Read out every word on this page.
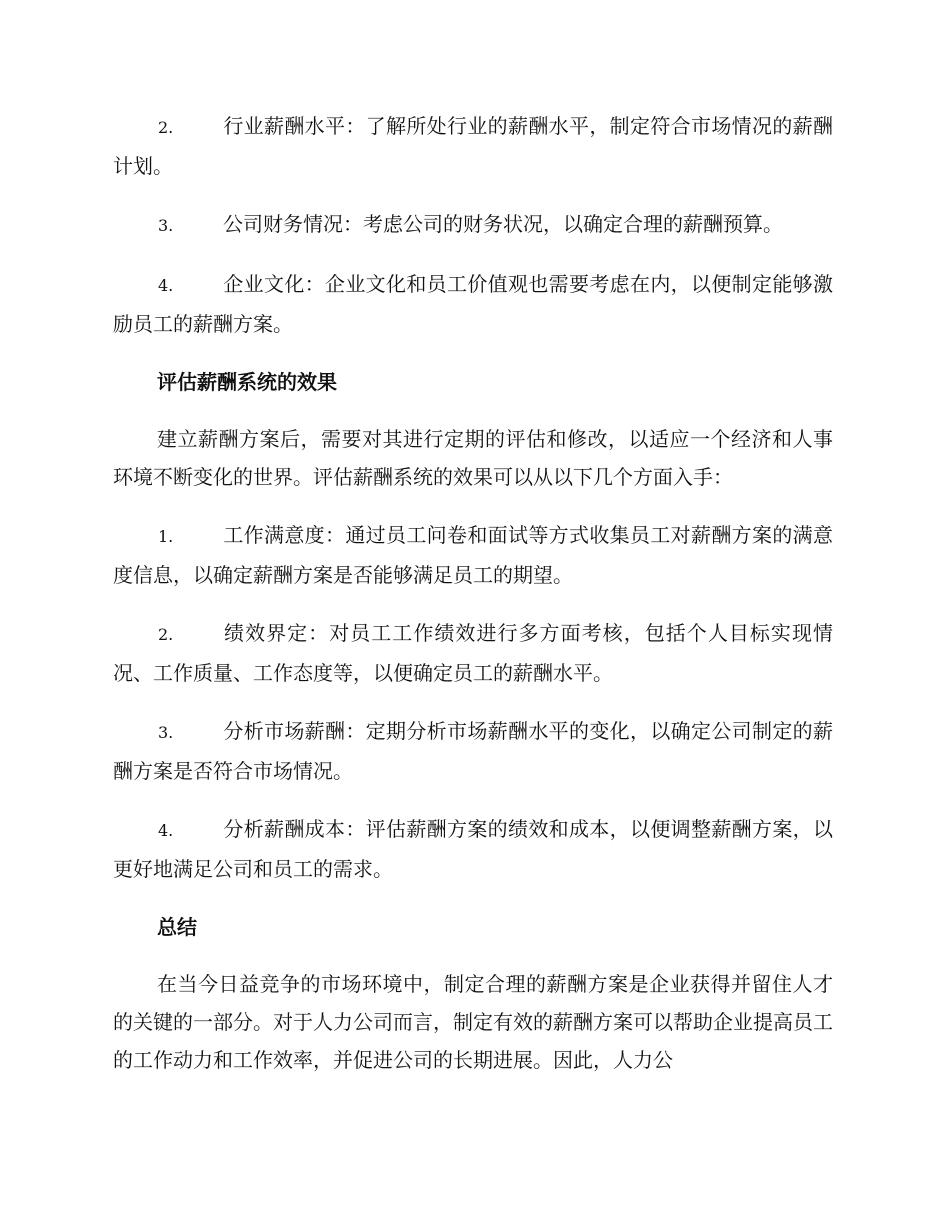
2. 行业薪酬水平：了解所处行业的薪酬水平，制定符合市场情况的薪酬计划。

3. 公司财务情况：考虑公司的财务状况，以确定合理的薪酬预算。

4. 企业文化：企业文化和员工价值观也需要考虑在内，以便制定能够激励员工的薪酬方案。

评估薪酬系统的效果

建立薪酬方案后，需要对其进行定期的评估和修改，以适应一个经济和人事环境不断变化的世界。评估薪酬系统的效果可以从以下几个方面入手：

1. 工作满意度：通过员工问卷和面试等方式收集员工对薪酬方案的满意度信息，以确定薪酬方案是否能够满足员工的期望。

2. 绩效界定：对员工工作绩效进行多方面考核，包括个人目标实现情况、工作质量、工作态度等，以便确定员工的薪酬水平。

3. 分析市场薪酬：定期分析市场薪酬水平的变化，以确定公司制定的薪酬方案是否符合市场情况。

4. 分析薪酬成本：评估薪酬方案的绩效和成本，以便调整薪酬方案，以更好地满足公司和员工的需求。

总结

在当今日益竞争的市场环境中，制定合理的薪酬方案是企业获得并留住人才的关键的一部分。对于人力公司而言，制定有效的薪酬方案可以帮助企业提高员工的工作动力和工作效率，并促进公司的长期进展。因此，人力公
